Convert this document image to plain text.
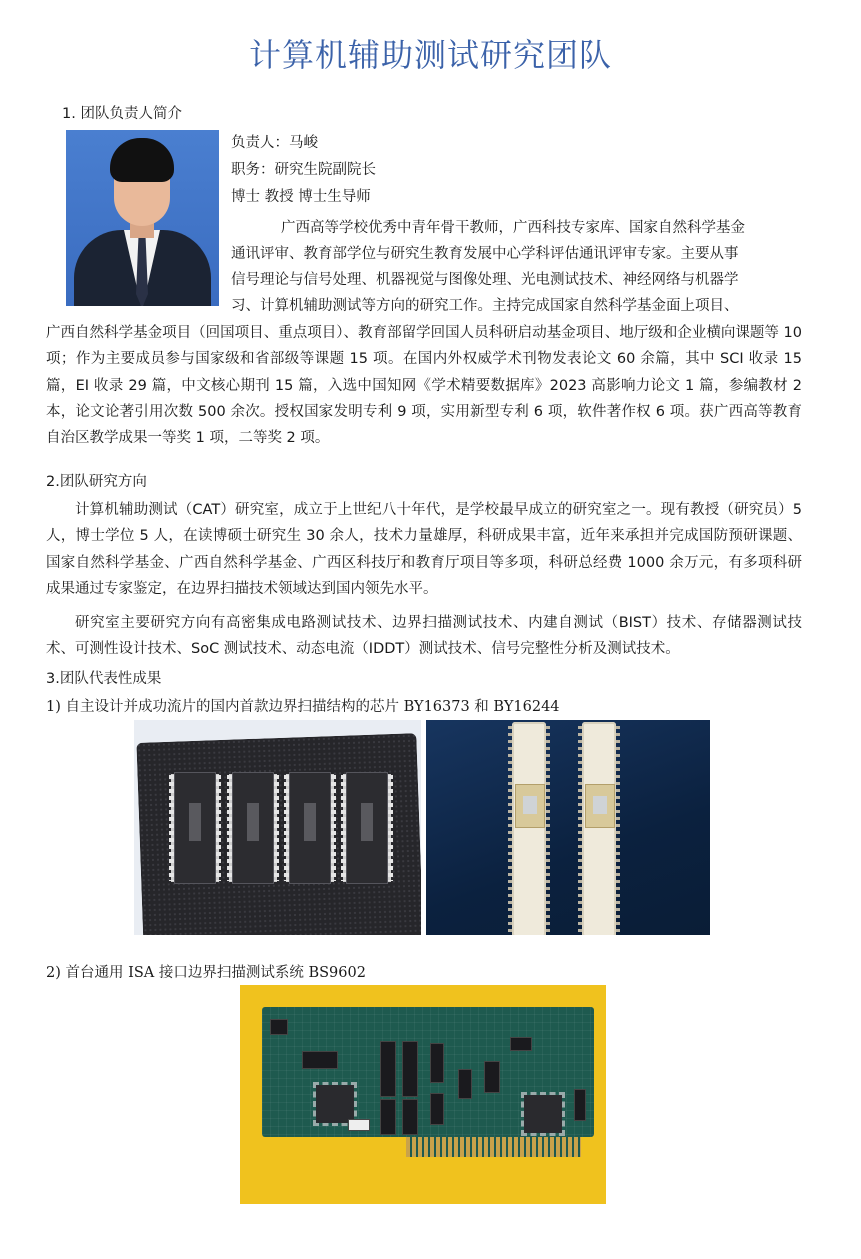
计算机辅助测试研究团队
1. 团队负责人简介
负责人：马峻
职务：研究生院副院长
博士 教授 博士生导师
广西高等学校优秀中青年骨干教师，广西科技专家库、国家自然科学基金
通讯评审、教育部学位与研究生教育发展中心学科评估通讯评审专家。主要从事
信号理论与信号处理、机器视觉与图像处理、光电测试技术、神经网络与机器学
习、计算机辅助测试等方向的研究工作。主持完成国家自然科学基金面上项目、
广西自然科学基金项目（回国项目、重点项目）、教育部留学回国人员科研启动基金项目、地厅级和企业横向课题等 10 项；作为主要成员参与国家级和省部级等课题 15 项。在国内外权威学术刊物发表论文 60 余篇，其中 SCI 收录 15 篇，EI 收录 29 篇，中文核心期刊 15 篇，入选中国知网《学术精要数据库》2023 高影响力论文 1 篇，参编教材 2 本，论文论著引用次数 500 余次。授权国家发明专利 9 项，实用新型专利 6 项，软件著作权 6 项。获广西高等教育自治区教学成果一等奖 1 项，二等奖 2 项。
2.团队研究方向
计算机辅助测试（CAT）研究室，成立于上世纪八十年代，是学校最早成立的研究室之一。现有教授（研究员）5 人，博士学位 5 人，在读博硕士研究生 30 余人，技术力量雄厚，科研成果丰富，近年来承担并完成国防预研课题、国家自然科学基金、广西自然科学基金、广西区科技厅和教育厅项目等多项，科研总经费 1000 余万元，有多项科研成果通过专家鉴定，在边界扫描技术领域达到国内领先水平。
研究室主要研究方向有高密集成电路测试技术、边界扫描测试技术、内建自测试（BIST）技术、存储器测试技术、可测性设计技术、SoC 测试技术、动态电流（IDDT）测试技术、信号完整性分析及测试技术。
3.团队代表性成果
1) 自主设计并成功流片的国内首款边界扫描结构的芯片 BY16373 和 BY16244
2) 首台通用 ISA 接口边界扫描测试系统 BS9602
